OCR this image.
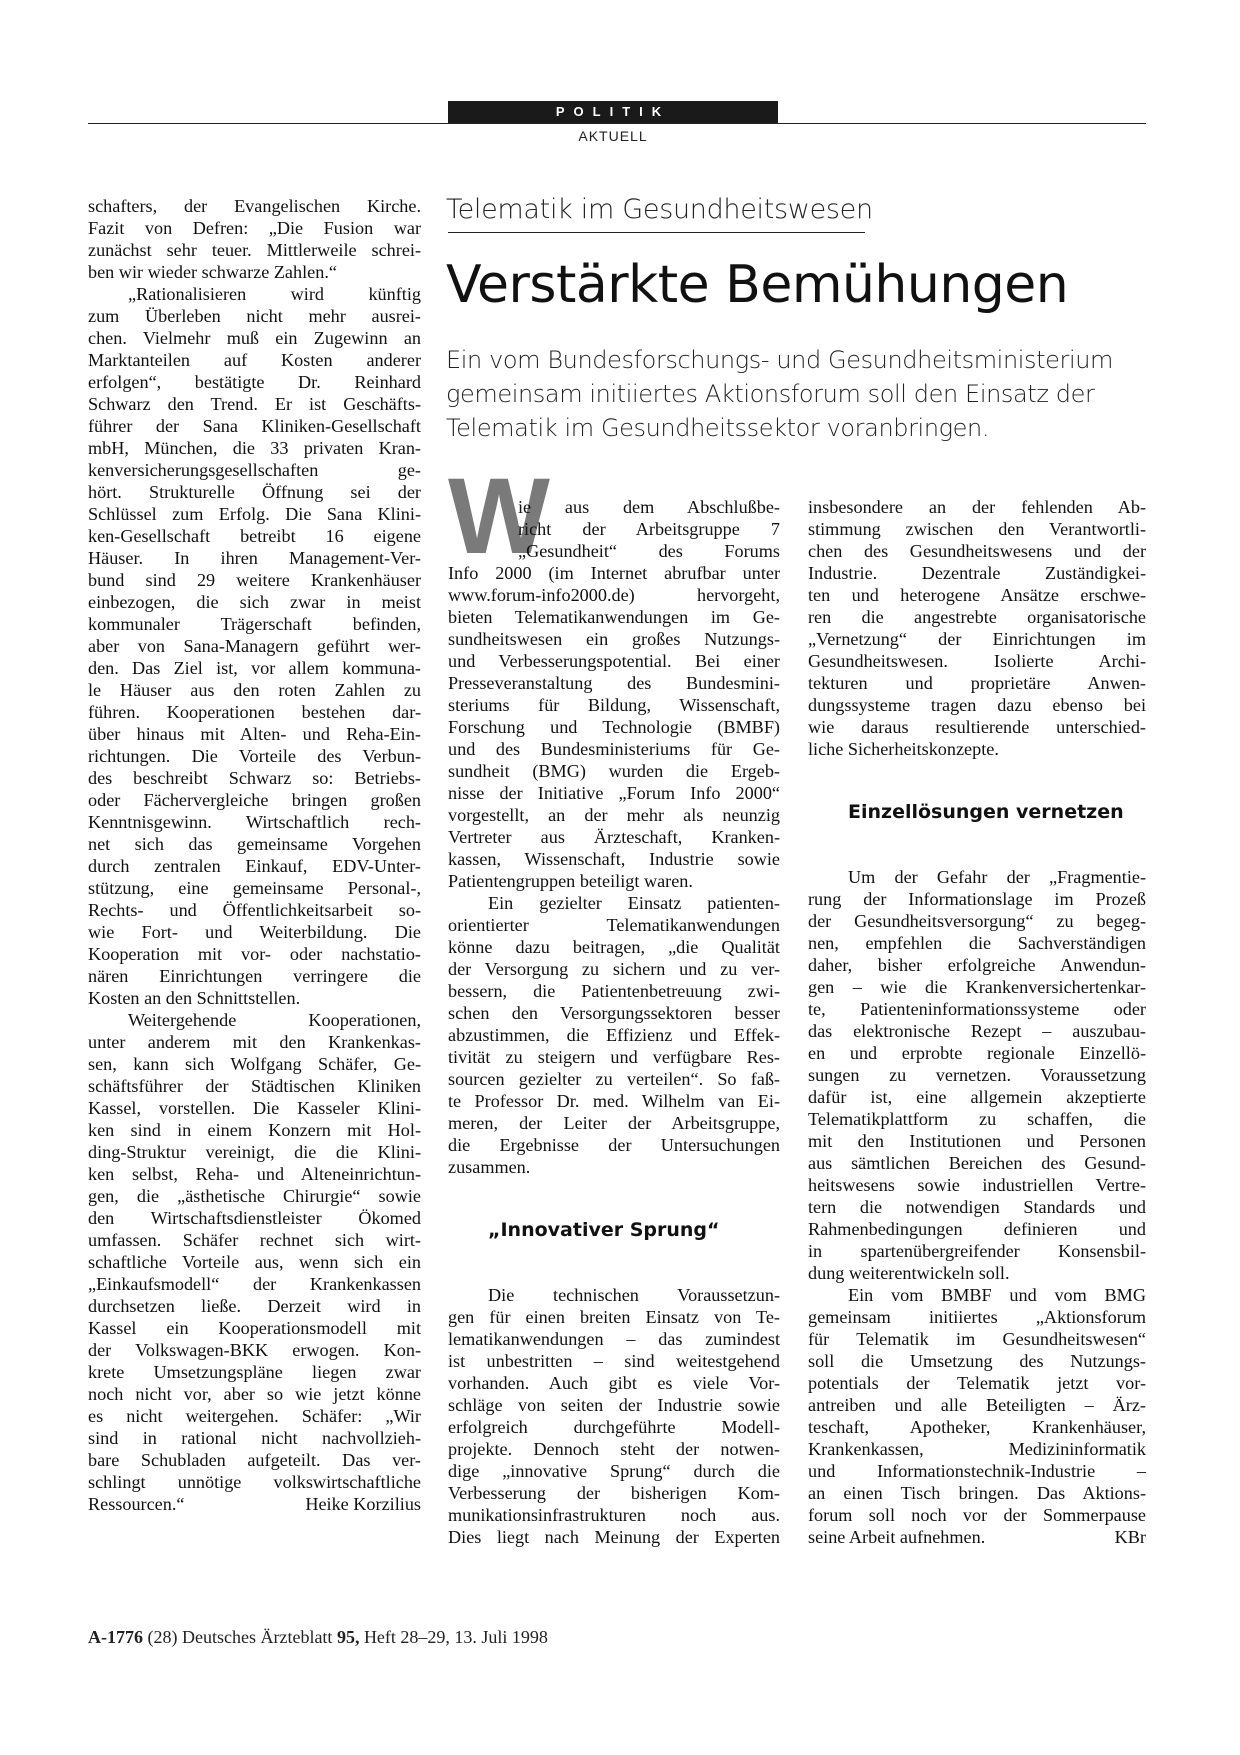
POLITIK
AKTUELL
Telematik im Gesundheitswesen
Verstärkte Bemühungen
Ein vom Bundesforschungs- und Gesundheitsministerium
gemeinsam initiiertes Aktionsforum soll den Einsatz der
Telematik im Gesundheitssektor voranbringen.
schafters, der Evangelischen Kirche.
Fazit von Defren: „Die Fusion war
zunächst sehr teuer. Mittlerweile schrei-
ben wir wieder schwarze Zahlen.“
„Rationalisieren wird künftig
zum Überleben nicht mehr ausrei-
chen. Vielmehr muß ein Zugewinn an
Marktanteilen auf Kosten anderer
erfolgen“, bestätigte Dr. Reinhard
Schwarz den Trend. Er ist Geschäfts-
führer der Sana Kliniken-Gesellschaft
mbH, München, die 33 privaten Kran-
kenversicherungsgesellschaften ge-
hört. Strukturelle Öffnung sei der
Schlüssel zum Erfolg. Die Sana Klini-
ken-Gesellschaft betreibt 16 eigene
Häuser. In ihren Management-Ver-
bund sind 29 weitere Krankenhäuser
einbezogen, die sich zwar in meist
kommunaler Trägerschaft befinden,
aber von Sana-Managern geführt wer-
den. Das Ziel ist, vor allem kommuna-
le Häuser aus den roten Zahlen zu
führen. Kooperationen bestehen dar-
über hinaus mit Alten- und Reha-Ein-
richtungen. Die Vorteile des Verbun-
des beschreibt Schwarz so: Betriebs-
oder Fächervergleiche bringen großen
Kenntnisgewinn. Wirtschaftlich rech-
net sich das gemeinsame Vorgehen
durch zentralen Einkauf, EDV-Unter-
stützung, eine gemeinsame Personal-,
Rechts- und Öffentlichkeitsarbeit so-
wie Fort- und Weiterbildung. Die
Kooperation mit vor- oder nachstatio-
nären Einrichtungen verringere die
Kosten an den Schnittstellen.
Weitergehende Kooperationen,
unter anderem mit den Krankenkas-
sen, kann sich Wolfgang Schäfer, Ge-
schäftsführer der Städtischen Kliniken
Kassel, vorstellen. Die Kasseler Klini-
ken sind in einem Konzern mit Hol-
ding-Struktur vereinigt, die die Klini-
ken selbst, Reha- und Alteneinrichtun-
gen, die „ästhetische Chirurgie“ sowie
den Wirtschaftsdienstleister Ökomed
umfassen. Schäfer rechnet sich wirt-
schaftliche Vorteile aus, wenn sich ein
„Einkaufsmodell“ der Krankenkassen
durchsetzen ließe. Derzeit wird in
Kassel ein Kooperationsmodell mit
der Volkswagen-BKK erwogen. Kon-
krete Umsetzungspläne liegen zwar
noch nicht vor, aber so wie jetzt könne
es nicht weitergehen. Schäfer: „Wir
sind in rational nicht nachvollzieh-
bare Schubladen aufgeteilt. Das ver-
schlingt unnötige volkswirtschaftliche
Ressourcen.“	Heike Korzilius
W
ie aus dem Abschlußbe-
richt der Arbeitsgruppe 7
„Gesundheit“ des Forums
Info 2000 (im Internet abrufbar unter
www.forum-info2000.de) hervorgeht,
bieten Telematikanwendungen im Ge-
sundheitswesen ein großes Nutzungs-
und Verbesserungspotential. Bei einer
Presseveranstaltung des Bundesmini-
steriums für Bildung, Wissenschaft,
Forschung und Technologie (BMBF)
und des Bundesministeriums für Ge-
sundheit (BMG) wurden die Ergeb-
nisse der Initiative „Forum Info 2000“
vorgestellt, an der mehr als neunzig
Vertreter aus Ärzteschaft, Kranken-
kassen, Wissenschaft, Industrie sowie
Patientengruppen beteiligt waren.
Ein gezielter Einsatz patienten-
orientierter Telematikanwendungen
könne dazu beitragen, „die Qualität
der Versorgung zu sichern und zu ver-
bessern, die Patientenbetreuung zwi-
schen den Versorgungssektoren besser
abzustimmen, die Effizienz und Effek-
tivität zu steigern und verfügbare Res-
sourcen gezielter zu verteilen“. So faß-
te Professor Dr. med. Wilhelm van Ei-
meren, der Leiter der Arbeitsgruppe,
die Ergebnisse der Untersuchungen
zusammen.
„Innovativer Sprung“
Die technischen Voraussetzun-
gen für einen breiten Einsatz von Te-
lematikanwendungen – das zumindest
ist unbestritten – sind weitestgehend
vorhanden. Auch gibt es viele Vor-
schläge von seiten der Industrie sowie
erfolgreich durchgeführte Modell-
projekte. Dennoch steht der notwen-
dige „innovative Sprung“ durch die
Verbesserung der bisherigen Kom-
munikationsinfrastrukturen noch aus.
Dies liegt nach Meinung der Experten
insbesondere an der fehlenden Ab-
stimmung zwischen den Verantwortli-
chen des Gesundheitswesens und der
Industrie. Dezentrale Zuständigkei-
ten und heterogene Ansätze erschwe-
ren die angestrebte organisatorische
„Vernetzung“ der Einrichtungen im
Gesundheitswesen. Isolierte Archi-
tekturen und proprietäre Anwen-
dungssysteme tragen dazu ebenso bei
wie daraus resultierende unterschied-
liche Sicherheitskonzepte.
Einzellösungen vernetzen
Um der Gefahr der „Fragmentie-
rung der Informationslage im Prozeß
der Gesundheitsversorgung“ zu begeg-
nen, empfehlen die Sachverständigen
daher, bisher erfolgreiche Anwendun-
gen – wie die Krankenversichertenkar-
te, Patienteninformationssysteme oder
das elektronische Rezept – auszubau-
en und erprobte regionale Einzellö-
sungen zu vernetzen. Voraussetzung
dafür ist, eine allgemein akzeptierte
Telematikplattform zu schaffen, die
mit den Institutionen und Personen
aus sämtlichen Bereichen des Gesund-
heitswesens sowie industriellen Vertre-
tern die notwendigen Standards und
Rahmenbedingungen definieren und
in spartenübergreifender Konsensbil-
dung weiterentwickeln soll.
Ein vom BMBF und vom BMG
gemeinsam initiiertes „Aktionsforum
für Telematik im Gesundheitswesen“
soll die Umsetzung des Nutzungs-
potentials der Telematik jetzt vor-
antreiben und alle Beteiligten – Ärz-
teschaft, Apotheker, Krankenhäuser,
Krankenkassen, Medizininformatik
und Informationstechnik-Industrie –
an einen Tisch bringen. Das Aktions-
forum soll noch vor der Sommerpause
seine Arbeit aufnehmen.	KBr
A-1776 (28) Deutsches Ärzteblatt 95, Heft 28–29, 13. Juli 1998
